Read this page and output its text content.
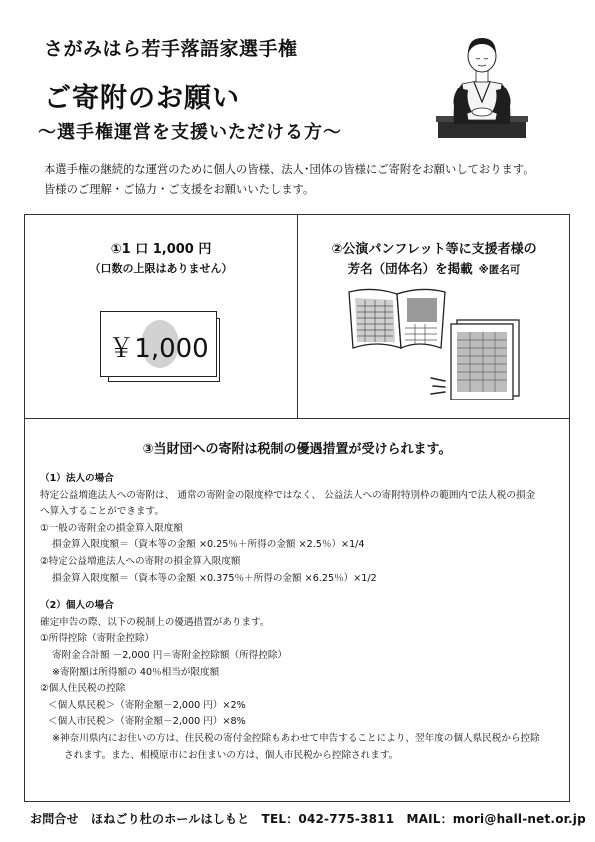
さがみはら若手落語家選手権
ご寄附のお願い
～選手権運営を支援いただける方～
本選手権の継続的な運営のために個人の皆様、法人･団体の皆様にご寄附をお願いしております。
皆様のご理解・ご協力・ご支援をお願いいたします。
①1 口 1,000 円
（口数の上限はありません）
￥1,000
②公演パンフレット等に支援者様の
芳名（団体名）を掲載 ※匿名可
③当財団への寄附は税制の優遇措置が受けられます。
（1）法人の場合
特定公益増進法人への寄附は、 通常の寄附金の限度枠ではなく、 公益法人への寄附特別枠の範囲内で法人税の損金
へ算入することができます。
①一般の寄附金の損金算入限度額
損金算入限度額＝（資本等の金額 ×0.25％＋所得の金額 ×2.5％）×1/4
②特定公益増進法人への寄附の損金算入限度額
損金算入限度額＝（資本等の金額 ×0.375％＋所得の金額 ×6.25％）×1/2
（2）個人の場合
確定申告の際、以下の税制上の優遇措置があります。
①所得控除（寄附金控除）
寄附金合計額 －2,000 円＝寄附金控除額（所得控除）
※寄附額は所得額の 40％相当が限度額
②個人住民税の控除
＜個人県民税＞（寄附金額－2,000 円）×2%
＜個人市民税＞（寄附金額－2,000 円）×8%
※神奈川県内にお住いの方は、住民税の寄付金控除もあわせて申告することにより、翌年度の個人県民税から控除
されます。また、相模原市にお住まいの方は、個人市民税から控除されます。
お問合せ　ほねごり杜のホールはしもと　TEL：042-775-3811　MAIL：mori@hall-net.or.jp
